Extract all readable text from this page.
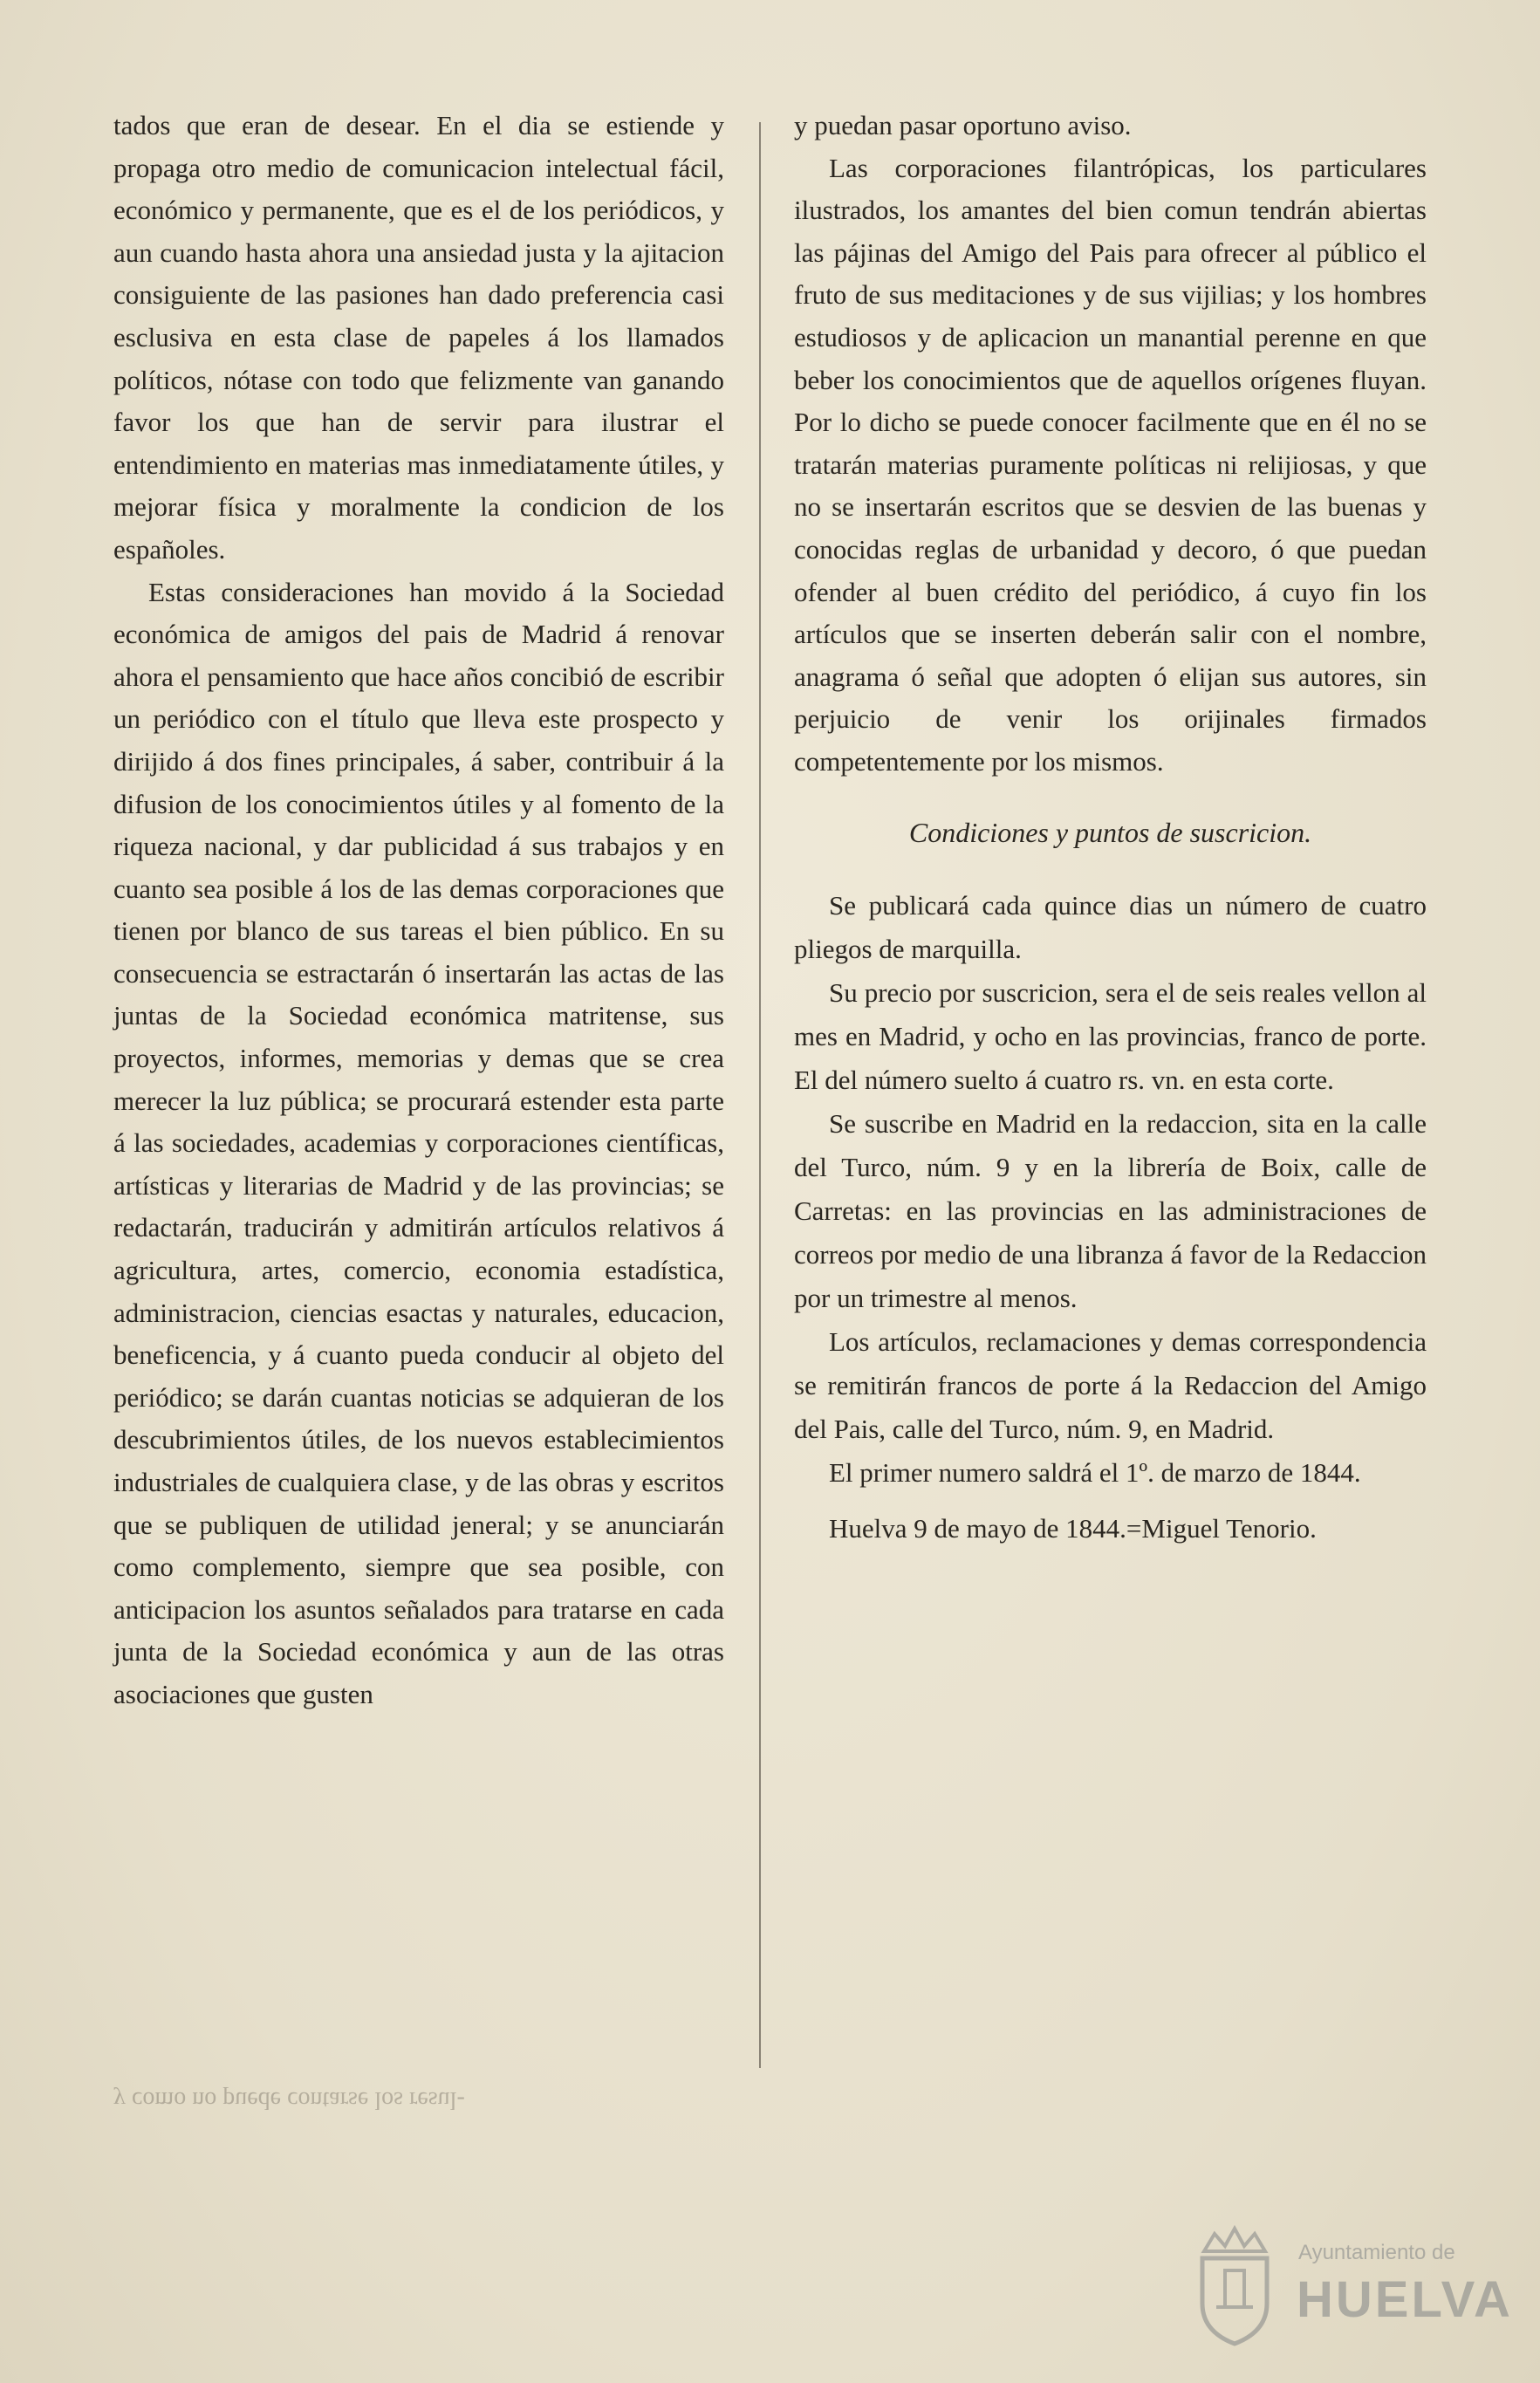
tados que eran de desear. En el dia se estiende y propaga otro medio de comunicacion intelectual fácil, económico y permanente, que es el de los periódicos, y aun cuando hasta ahora una ansiedad justa y la ajitacion consiguiente de las pasiones han dado preferencia casi esclusiva en esta clase de papeles á los llamados políticos, nótase con todo que felizmente van ganando favor los que han de servir para ilustrar el entendimiento en materias mas inmediatamente útiles, y mejorar física y moralmente la condicion de los españoles.

Estas consideraciones han movido á la Sociedad económica de amigos del pais de Madrid á renovar ahora el pensamiento que hace años concibió de escribir un periódico con el título que lleva este prospecto y dirijido á dos fines principales, á saber, contribuir á la difusion de los conocimientos útiles y al fomento de la riqueza nacional, y dar publicidad á sus trabajos y en cuanto sea posible á los de las demas corporaciones que tienen por blanco de sus tareas el bien público. En su consecuencia se estractarán ó insertarán las actas de las juntas de la Sociedad económica matritense, sus proyectos, informes, memorias y demas que se crea merecer la luz pública; se procurará estender esta parte á las sociedades, academias y corporaciones científicas, artísticas y literarias de Madrid y de las provincias; se redactarán, traducirán y admitirán artículos relativos á agricultura, artes, comercio, economia estadística, administracion, ciencias esactas y naturales, educacion, beneficencia, y á cuanto pueda conducir al objeto del periódico; se darán cuantas noticias se adquieran de los descubrimientos útiles, de los nuevos establecimientos industriales de cualquiera clase, y de las obras y escritos que se publiquen de utilidad jeneral; y se anunciarán como complemento, siempre que sea posible, con anticipacion los asuntos señalados para tratarse en cada junta de la Sociedad económica y aun de las otras asociaciones que gusten

y puedan pasar oportuno aviso.

Las corporaciones filantrópicas, los particulares ilustrados, los amantes del bien comun tendrán abiertas las pájinas del Amigo del Pais para ofrecer al público el fruto de sus meditaciones y de sus vijilias; y los hombres estudiosos y de aplicacion un manantial perenne en que beber los conocimientos que de aquellos orígenes fluyan. Por lo dicho se puede conocer facilmente que en él no se tratarán materias puramente políticas ni relijiosas, y que no se insertarán escritos que se desvien de las buenas y conocidas reglas de urbanidad y decoro, ó que puedan ofender al buen crédito del periódico, á cuyo fin los artículos que se inserten deberán salir con el nombre, anagrama ó señal que adopten ó elijan sus autores, sin perjuicio de venir los orijinales firmados competentemente por los mismos.

Condiciones y puntos de suscricion.

Se publicará cada quince dias un número de cuatro pliegos de marquilla.

Su precio por suscricion, sera el de seis reales vellon al mes en Madrid, y ocho en las provincias, franco de porte. El del número suelto á cuatro rs. vn. en esta corte.

Se suscribe en Madrid en la redaccion, sita en la calle del Turco, núm. 9 y en la librería de Boix, calle de Carretas: en las provincias en las administraciones de correos por medio de una libranza á favor de la Redaccion por un trimestre al menos.

Los artículos, reclamaciones y demas correspondencia se remitirán francos de porte á la Redaccion del Amigo del Pais, calle del Turco, núm. 9, en Madrid.

El primer numero saldrá el 1º. de marzo de 1844.

Huelva 9 de mayo de 1844.=Miguel Tenorio.

y como no puede contarse los resul-
Ayuntamiento de
HUELVA
